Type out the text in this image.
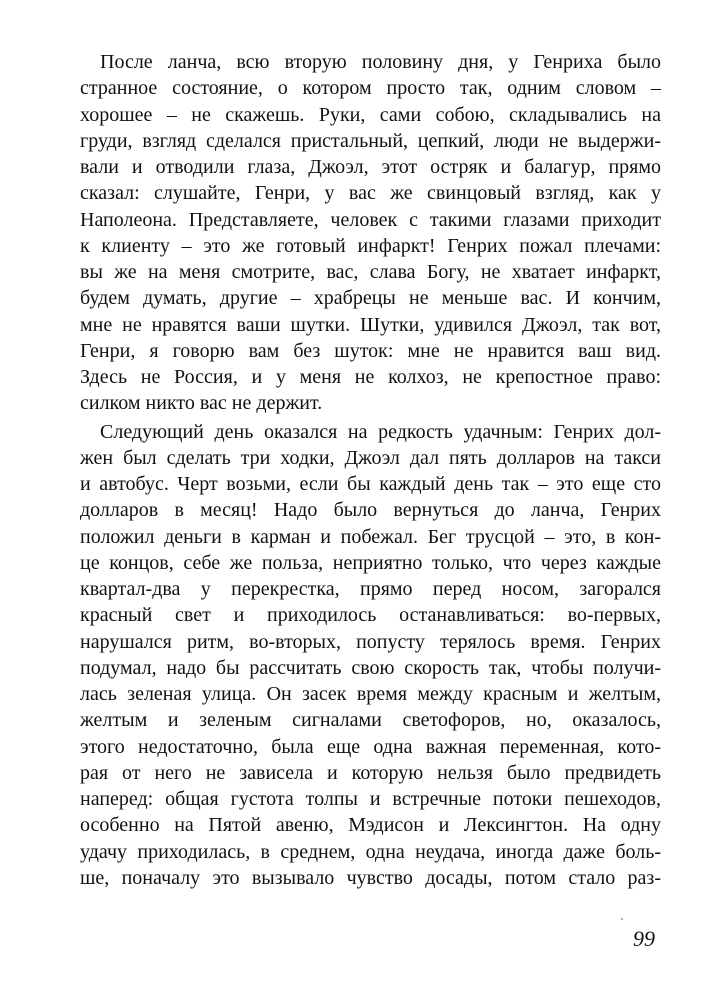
После ланча, всю вторую половину дня, у Генриха было
странное состояние, о котором просто так, одним словом –
хорошее – не скажешь. Руки, сами собою, складывались на
груди, взгляд сделался пристальный, цепкий, люди не выдержи-
вали и отводили глаза, Джоэл, этот остряк и балагур, прямо
сказал: слушайте, Генри, у вас же свинцовый взгляд, как у
Наполеона. Представляете, человек с такими глазами приходит
к клиенту – это же готовый инфаркт! Генрих пожал плечами:
вы же на меня смотрите, вас, слава Богу, не хватает инфаркт,
будем думать, другие – храбрецы не меньше вас. И кончим,
мне не нравятся ваши шутки. Шутки, удивился Джоэл, так вот,
Генри, я говорю вам без шуток: мне не нравится ваш вид.
Здесь не Россия, и у меня не колхоз, не крепостное право:
силком никто вас не держит.
Следующий день оказался на редкость удачным: Генрих дол-
жен был сделать три ходки, Джоэл дал пять долларов на такси
и автобус. Черт возьми, если бы каждый день так – это еще сто
долларов в месяц! Надо было вернуться до ланча, Генрих
положил деньги в карман и побежал. Бег трусцой – это, в кон-
це концов, себе же польза, неприятно только, что через каждые
квартал-два у перекрестка, прямо перед носом, загорался
красный свет и приходилось останавливаться: во-первых,
нарушался ритм, во-вторых, попусту терялось время. Генрих
подумал, надо бы рассчитать свою скорость так, чтобы получи-
лась зеленая улица. Он засек время между красным и желтым,
желтым и зеленым сигналами светофоров, но, оказалось,
этого недостаточно, была еще одна важная переменная, кото-
рая от него не зависела и которую нельзя было предвидеть
наперед: общая густота толпы и встречные потоки пешеходов,
особенно на Пятой авеню, Мэдисон и Лексингтон. На одну
удачу приходилась, в среднем, одна неудача, иногда даже боль-
ше, поначалу это вызывало чувство досады, потом стало раз-
99
